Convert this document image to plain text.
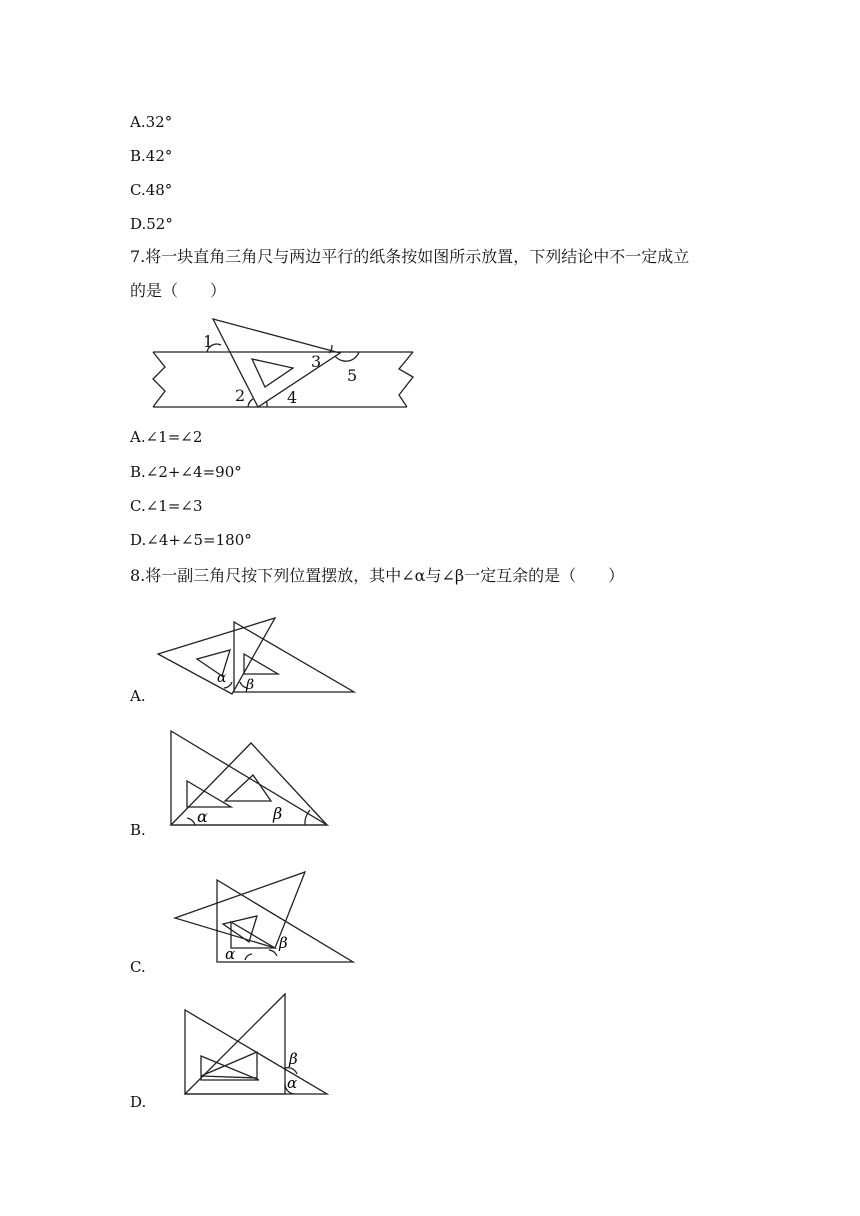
A.32°
B.42°
C.48°
D.52°
7.将一块直角三角尺与两边平行的纸条按如图所示放置，下列结论中不一定成立
的是（　　）
1
2
3
4
5
A.∠1=∠2
B.∠2+∠4=90°
C.∠1=∠3
D.∠4+∠5=180°
8.将一副三角尺按下列位置摆放，其中∠α与∠β一定互余的是（　　）
α β
A.
α	β
B.
α
β
C.
β
α
D.
